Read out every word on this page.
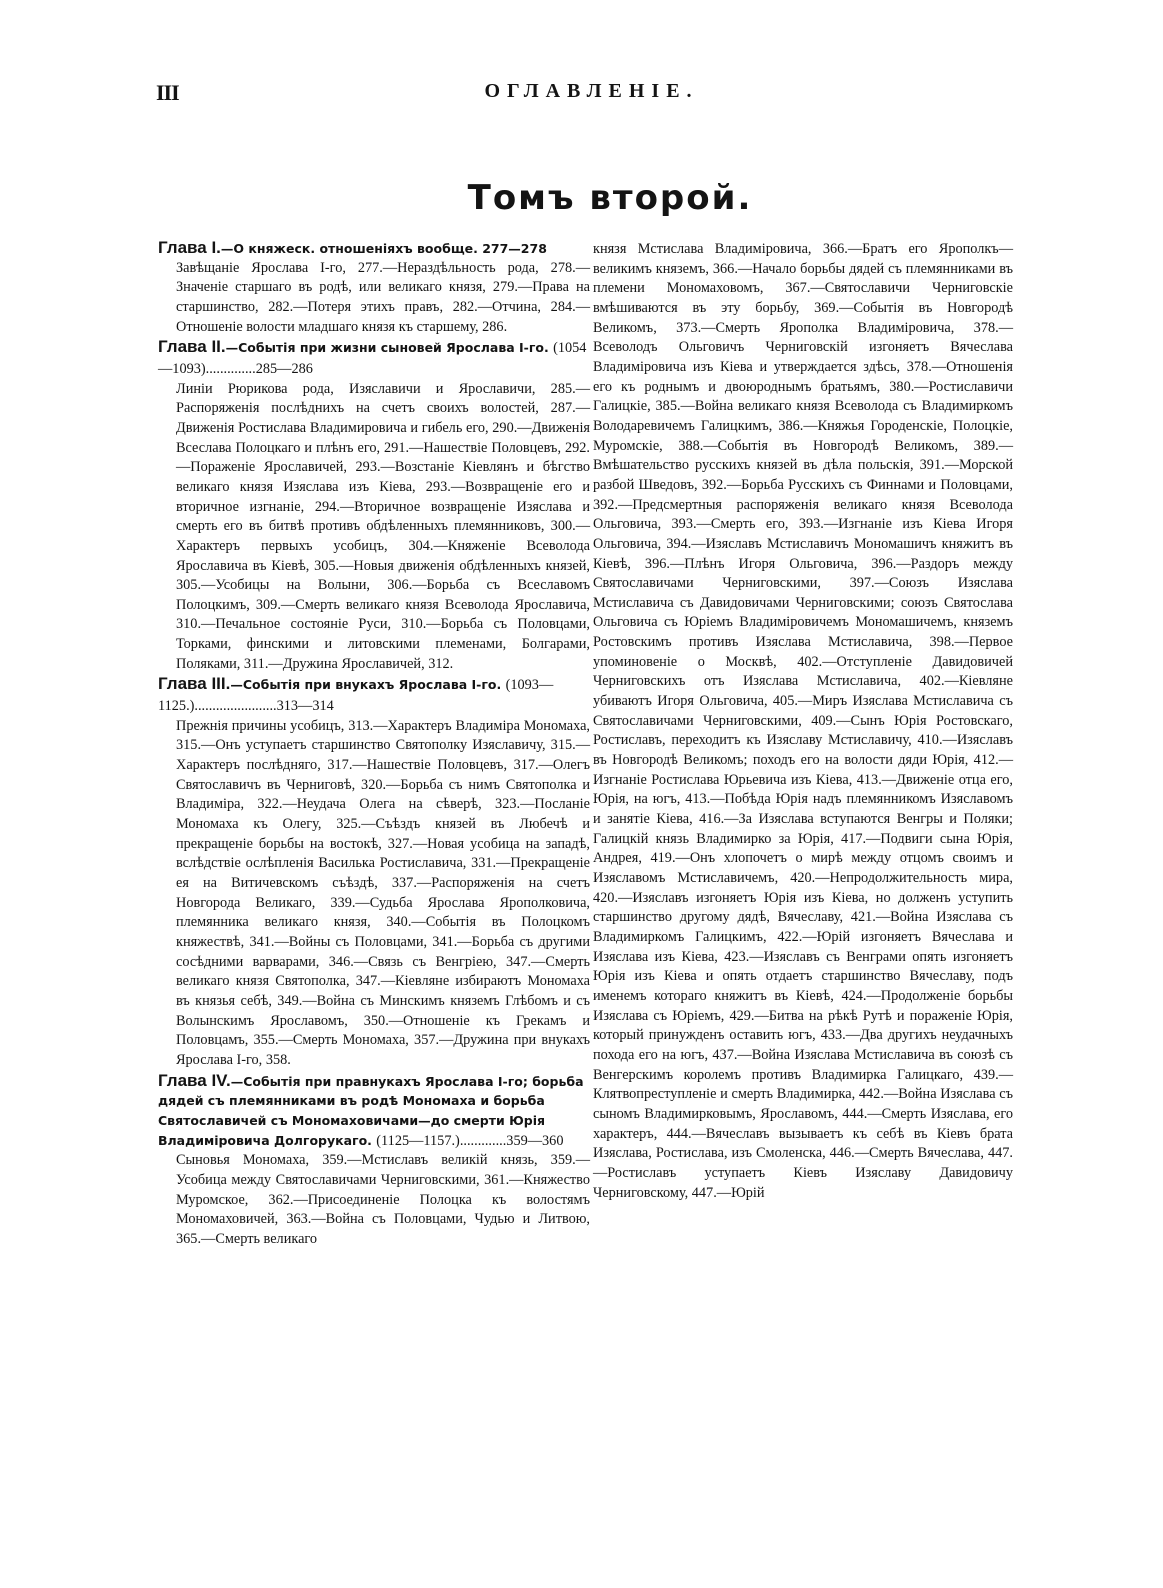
III	ОГЛАВЛЕНІЕ.
Томъ второй.

Глава I.—О княжеск. отношеніяхъ вообще. 277—278

Завѣщаніе Ярослава I-го, 277.—Нераздѣльность рода, 278.—Значеніе старшаго въ родѣ, или великаго князя, 279.—Права на старшинство, 282.—Потеря этихъ правъ, 282.—Отчина, 284.—Отношеніе волости младшаго князя къ старшему, 286.

Глава II.—Событія при жизни сыновей Ярослава I-го. (1054—1093)..............285—286

Линіи Рюрикова рода, Изяславичи и Ярославичи, 285.—Распоряженія послѣднихъ на счетъ своихъ волостей, 287.—Движенія Ростислава Владимировича и гибель его, 290.—Движенія Всеслава Полоцкаго и плѣнъ его, 291.—Нашествіе Половцевъ, 292.—Пораженіе Ярославичей, 293.—Возстаніе Кіевлянъ и бѣгство великаго князя Изяслава изъ Кіева, 293.—Возвращеніе его и вторичное изгнаніе, 294.—Вторичное возвращеніе Изяслава и смерть его въ битвѣ противъ обдѣленныхъ племянниковъ, 300.—Характеръ первыхъ усобицъ, 304.—Княженіе Всеволода Ярославича въ Кіевѣ, 305.—Новыя движенія обдѣленныхъ князей, 305.—Усобицы на Волыни, 306.—Борьба съ Всеславомъ Полоцкимъ, 309.—Смерть великаго князя Всеволода Ярославича, 310.—Печальное состояніе Руси, 310.—Борьба съ Половцами, Торками, финскими и литовскими племенами, Болгарами, Поляками, 311.—Дружина Ярославичей, 312.

Глава III.—Событія при внукахъ Ярослава I-го. (1093—1125.).......................313—314

Прежнія причины усобицъ, 313.—Характеръ Владиміра Мономаха, 315.—Онъ уступаетъ старшинство Святополку Изяславичу, 315.—Характеръ послѣдняго, 317.—Нашествіе Половцевъ, 317.—Олегъ Святославичъ въ Черниговѣ, 320.—Борьба съ нимъ Святополка и Владиміра, 322.—Неудача Олега на сѣверѣ, 323.—Посланіе Мономаха къ Олегу, 325.—Съѣздъ князей въ Любечѣ и прекращеніе борьбы на востокѣ, 327.—Новая усобица на западѣ, вслѣдствіе ослѣпленія Василька Ростиславича, 331.—Прекращеніе ея на Витичевскомъ съѣздѣ, 337.—Распоряженія на счетъ Новгорода Великаго, 339.—Судьба Ярослава Ярополковича, племянника великаго князя, 340.—Событія въ Полоцкомъ княжествѣ, 341.—Войны съ Половцами, 341.—Борьба съ другими сосѣдними варварами, 346.—Связь съ Венгріею, 347.—Смерть великаго князя Святополка, 347.—Кіевляне избираютъ Мономаха въ князья себѣ, 349.—Война съ Минскимъ княземъ Глѣбомъ и съ Волынскимъ Ярославомъ, 350.—Отношеніе къ Грекамъ и Половцамъ, 355.—Смерть Мономаха, 357.—Дружина при внукахъ Ярослава I-го, 358.

Глава IV.—Событія при правнукахъ Ярослава I-го; борьба дядей съ племянниками въ родѣ Мономаха и борьба Святославичей съ Мономаховичами—до смерти Юрія Владиміровича Долгорукаго. (1125—1157.).............359—360

Сыновья Мономаха, 359.—Мстиславъ великій князь, 359.—Усобица между Святославичами Черниговскими, 361.—Княжество Муромское, 362.—Присоединеніе Полоцка къ волостямъ Мономаховичей, 363.—Война съ Половцами, Чудью и Литвою, 365.—Смерть великаго

князя Мстислава Владиміровича, 366.—Братъ его Ярополкъ—великимъ княземъ, 366.—Начало борьбы дядей съ племянниками въ племени Мономаховомъ, 367.—Святославичи Черниговскіе вмѣшиваются въ эту борьбу, 369.—Событія въ Новгородѣ Великомъ, 373.—Смерть Ярополка Владиміровича, 378.—Всеволодъ Ольговичъ Черниговскій изгоняетъ Вячеслава Владиміровича изъ Кіева и утверждается здѣсь, 378.—Отношенія его къ роднымъ и двоюроднымъ братьямъ, 380.—Ростиславичи Галицкіе, 385.—Война великаго князя Всеволода съ Владимиркомъ Володаревичемъ Галицкимъ, 386.—Княжья Городенскіе, Полоцкіе, Муромскіе, 388.—Событія въ Новгородѣ Великомъ, 389.—Вмѣшательство русскихъ князей въ дѣла польскія, 391.—Морской разбой Шведовъ, 392.—Борьба Русскихъ съ Финнами и Половцами, 392.—Предсмертныя распоряженія великаго князя Всеволода Ольговича, 393.—Смерть его, 393.—Изгнаніе изъ Кіева Игоря Ольговича, 394.—Изяславъ Мстиславичъ Мономашичъ княжитъ въ Кіевѣ, 396.—Плѣнъ Игоря Ольговича, 396.—Раздоръ между Святославичами Черниговскими, 397.—Союзъ Изяслава Мстиславича съ Давидовичами Черниговскими; союзъ Святослава Ольговича съ Юріемъ Владиміровичемъ Мономашичемъ, княземъ Ростовскимъ противъ Изяслава Мстиславича, 398.—Первое упоминовеніе о Москвѣ, 402.—Отступленіе Давидовичей Черниговскихъ отъ Изяслава Мстиславича, 402.—Кіевляне убиваютъ Игоря Ольговича, 405.—Миръ Изяслава Мстиславича съ Святославичами Черниговскими, 409.—Сынъ Юрія Ростовскаго, Ростиславъ, переходитъ къ Изяславу Мстиславичу, 410.—Изяславъ въ Новгородѣ Великомъ; походъ его на волости дяди Юрія, 412.—Изгнаніе Ростислава Юрьевича изъ Кіева, 413.—Движеніе отца его, Юрія, на югъ, 413.—Побѣда Юрія надъ племянникомъ Изяславомъ и занятіе Кіева, 416.—За Изяслава вступаются Венгры и Поляки; Галицкій князь Владимирко за Юрія, 417.—Подвиги сына Юрія, Андрея, 419.—Онъ хлопочетъ о мирѣ между отцомъ своимъ и Изяславомъ Мстиславичемъ, 420.—Непродолжительность мира, 420.—Изяславъ изгоняетъ Юрія изъ Кіева, но долженъ уступить старшинство другому дядѣ, Вячеславу, 421.—Война Изяслава съ Владимиркомъ Галицкимъ, 422.—Юрій изгоняетъ Вячеслава и Изяслава изъ Кіева, 423.—Изяславъ съ Венграми опять изгоняетъ Юрія изъ Кіева и опять отдаетъ старшинство Вячеславу, подъ именемъ котораго княжитъ въ Кіевѣ, 424.—Продолженіе борьбы Изяслава съ Юріемъ, 429.—Битва на рѣкѣ Рутѣ и пораженіе Юрія, который принужденъ оставить югъ, 433.—Два другихъ неудачныхъ похода его на югъ, 437.—Война Изяслава Мстиславича въ союзѣ съ Венгерскимъ королемъ противъ Владимирка Галицкаго, 439.—Клятвопреступленіе и смерть Владимирка, 442.—Война Изяслава съ сыномъ Владимирковымъ, Ярославомъ, 444.—Смерть Изяслава, его характеръ, 444.—Вячеславъ вызываетъ къ себѣ въ Кіевъ брата Изяслава, Ростислава, изъ Смоленска, 446.—Смерть Вячеслава, 447.—Ростиславъ уступаетъ Кіевъ Изяславу Давидовичу Черниговскому, 447.—Юрій
